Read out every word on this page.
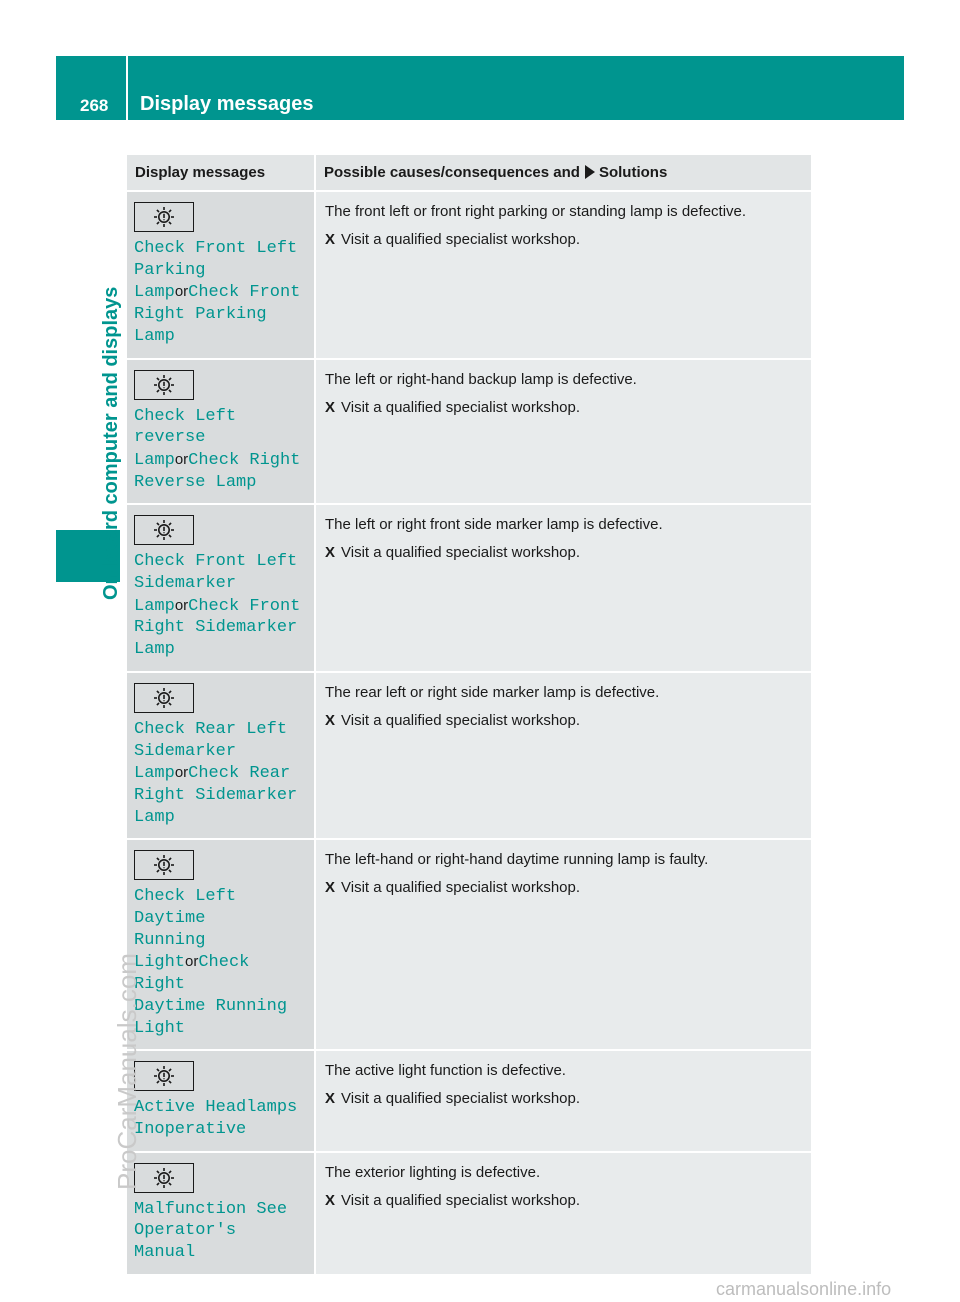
268	Display messages
On-board computer and displays
Display messages	Possible causes/consequences and Solutions
Check Front Left
Parking
LamporCheck Front
Right Parking Lamp
The front left or front right parking or standing lamp is defective.
X Visit a qualified specialist workshop.
Check Left reverse
LamporCheck Right
Reverse Lamp
The left or right-hand backup lamp is defective.
X Visit a qualified specialist workshop.
Check Front Left
Sidemarker
LamporCheck Front
Right Sidemarker
Lamp
The left or right front side marker lamp is defective.
X Visit a qualified specialist workshop.
Check Rear Left
Sidemarker
LamporCheck Rear
Right Sidemarker
Lamp
The rear left or right side marker lamp is defective.
X Visit a qualified specialist workshop.
Check Left Daytime
Running
LightorCheck Right
Daytime Running
Light
The left-hand or right-hand daytime running lamp is faulty.
X Visit a qualified specialist workshop.
Active Headlamps
Inoperative
The active light function is defective.
X Visit a qualified specialist workshop.
Malfunction See
Operator's Manual
The exterior lighting is defective.
X Visit a qualified specialist workshop.
ProCarManuals.com
carmanualsonline.info
